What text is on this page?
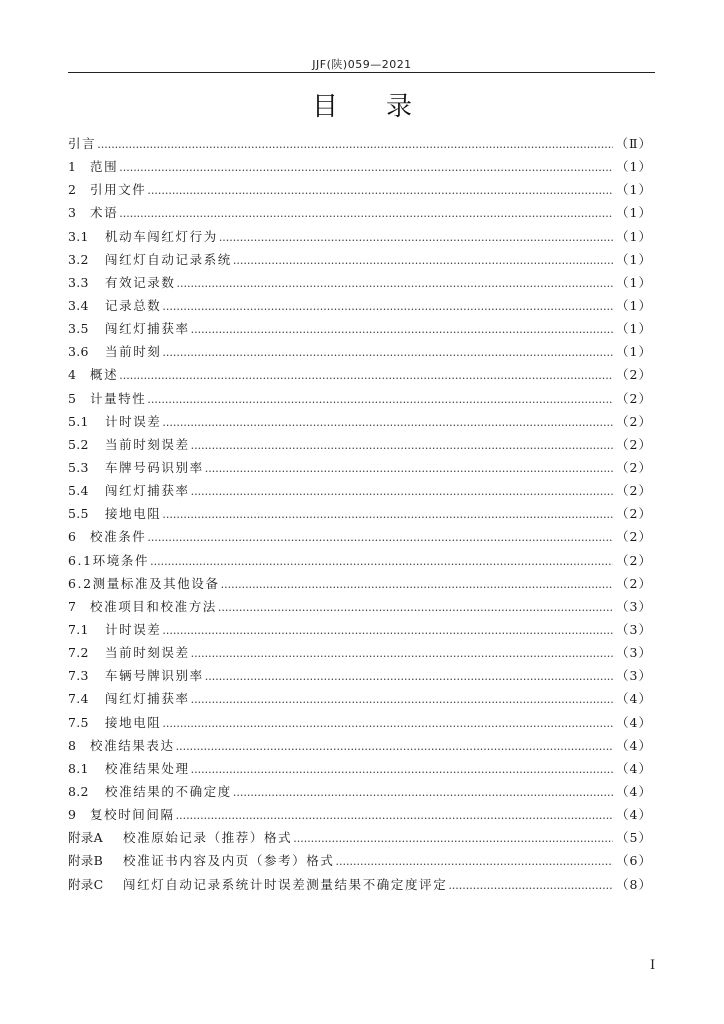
JJF(陕)059—2021
目 录
引言 .....	（Ⅱ）
1	范围 .....	（1）
2	引用文件 .....	（1）
3	术语 .....	（1）
3.1	机动车闯红灯行为 .....	（1）
3.2	闯红灯自动记录系统 .....	（1）
3.3	有效记录数 .....	（1）
3.4	记录总数 .....	（1）
3.5	闯红灯捕获率 .....	（1）
3.6	当前时刻 .....	（1）
4	概述 .....	（2）
5	计量特性 .....	（2）
5.1	计时误差 .....	（2）
5.2	当前时刻误差 .....	（2）
5.3	车牌号码识别率 .....	（2）
5.4	闯红灯捕获率 .....	（2）
5.5	接地电阻 .....	（2）
6	校准条件 .....	（2）
6.1环境条件 .....	（2）
6.2测量标准及其他设备 .....	（2）
7	校准项目和校准方法 .....	（3）
7.1	计时误差 .....	（3）
7.2	当前时刻误差 .....	（3）
7.3	车辆号牌识别率 .....	（3）
7.4	闯红灯捕获率 .....	（4）
7.5	接地电阻 .....	（4）
8	校准结果表达 .....	（4）
8.1	校准结果处理 .....	（4）
8.2	校准结果的不确定度 .....	（4）
9	复校时间间隔 .....	（4）
附录A	校准原始记录（推荐）格式 .....	（5）
附录B	校准证书内容及内页（参考）格式 .....	（6）
附录C	闯红灯自动记录系统计时误差测量结果不确定度评定 .....	（8）
Ⅰ
